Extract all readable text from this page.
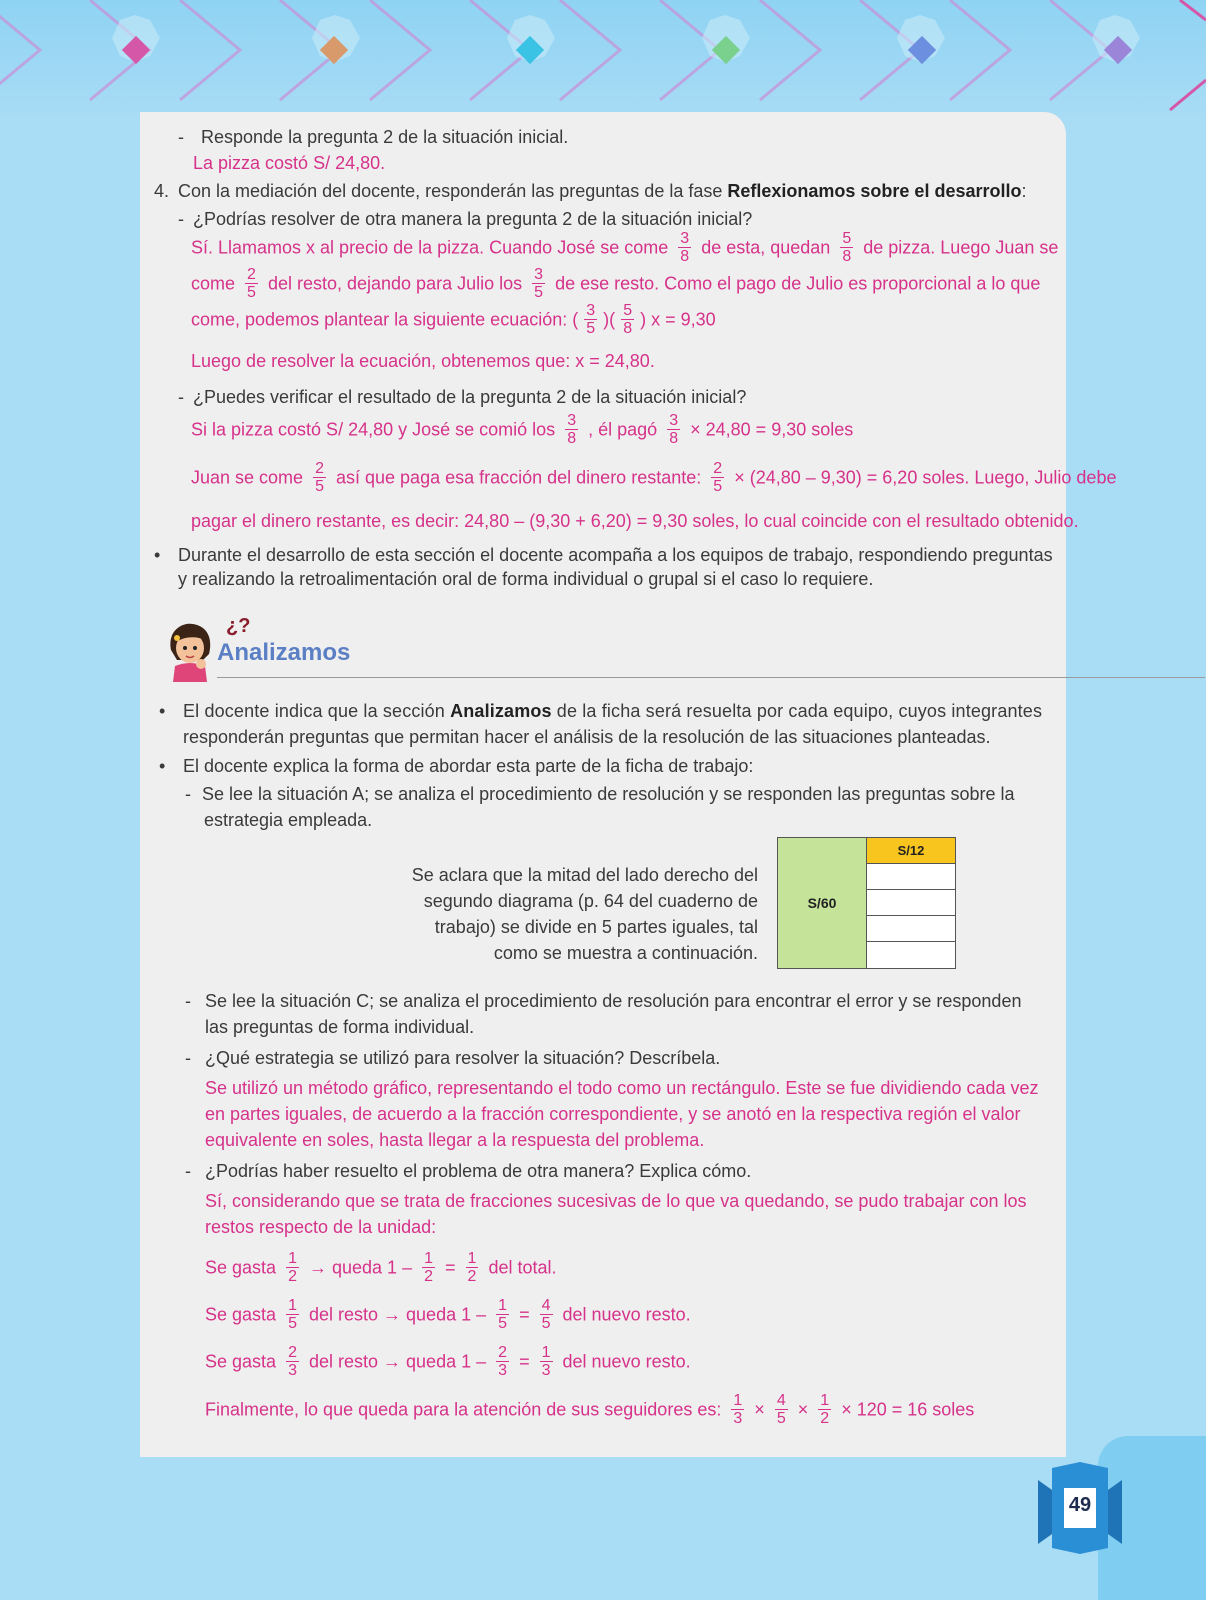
- Responde la pregunta 2 de la situación inicial.
La pizza costó S/ 24,80.
4. Con la mediación del docente, responderán las preguntas de la fase Reflexionamos sobre el desarrollo:
- ¿Podrías resolver de otra manera la pregunta 2 de la situación inicial?
Sí. Llamamos x al precio de la pizza. Cuando José se come $\frac{3}{8}$ de esta, quedan $\frac{5}{8}$ de pizza. Luego Juan se
come $\frac{2}{5}$ del resto, dejando para Julio los $\frac{3}{5}$ de ese resto. Como el pago de Julio es proporcional a lo que
come, podemos plantear la siguiente ecuación: ( $\frac{3}{5}$ )( $\frac{5}{8}$ ) x = 9,30
Luego de resolver la ecuación, obtenemos que: x = 24,80.
- ¿Puedes verificar el resultado de la pregunta 2 de la situación inicial?
Si la pizza costó S/ 24,80 y José se comió los $\frac{3}{8}$ , él pagó $\frac{3}{8} \times 24,80 = 9,30$ soles
Juan se come $\frac{2}{5}$ así que paga esa fracción del dinero restante: $\frac{2}{5} \times (24,80 - 9,30) = 6,20$ soles. Luego, Julio debe
pagar el dinero restante, es decir: 24,80 – (9,30 + 6,20) = 9,30 soles, lo cual coincide con el resultado obtenido.
• Durante el desarrollo de esta sección el docente acompaña a los equipos de trabajo, respondiendo preguntas
y realizando la retroalimentación oral de forma individual o grupal si el caso lo requiere.
¿?
Analizamos
• El docente indica que la sección Analizamos de la ficha será resuelta por cada equipo, cuyos integrantes
responderán preguntas que permitan hacer el análisis de la resolución de las situaciones planteadas.
• El docente explica la forma de abordar esta parte de la ficha de trabajo:
- Se lee la situación A; se analiza el procedimiento de resolución y se responden las preguntas sobre la
estrategia empleada.
Se aclara que la mitad del lado derecho del segundo diagrama (p. 64 del cuaderno de trabajo) se divide en 5 partes iguales, tal como se muestra a continuación.
S/60
S/12
- Se lee la situación C; se analiza el procedimiento de resolución para encontrar el error y se responden
las preguntas de forma individual.
- ¿Qué estrategia se utilizó para resolver la situación? Descríbela.
Se utilizó un método gráfico, representando el todo como un rectángulo. Este se fue dividiendo cada vez
en partes iguales, de acuerdo a la fracción correspondiente, y se anotó en la respectiva región el valor
equivalente en soles, hasta llegar a la respuesta del problema.
- ¿Podrías haber resuelto el problema de otra manera? Explica cómo.
Sí, considerando que se trata de fracciones sucesivas de lo que va quedando, se pudo trabajar con los
restos respecto de la unidad:
Se gasta $\frac{1}{2}$ → queda $1 - \frac{1}{2} = \frac{1}{2}$ del total.
Se gasta $\frac{1}{5}$ del resto → queda $1 - \frac{1}{5} = \frac{4}{5}$ del nuevo resto.
Se gasta $\frac{2}{3}$ del resto → queda $1 - \frac{2}{3} = \frac{1}{3}$ del nuevo resto.
Finalmente, lo que queda para la atención de sus seguidores es: $\frac{1}{3} \times \frac{4}{5} \times \frac{1}{2} \times 120 = 16$ soles
49
